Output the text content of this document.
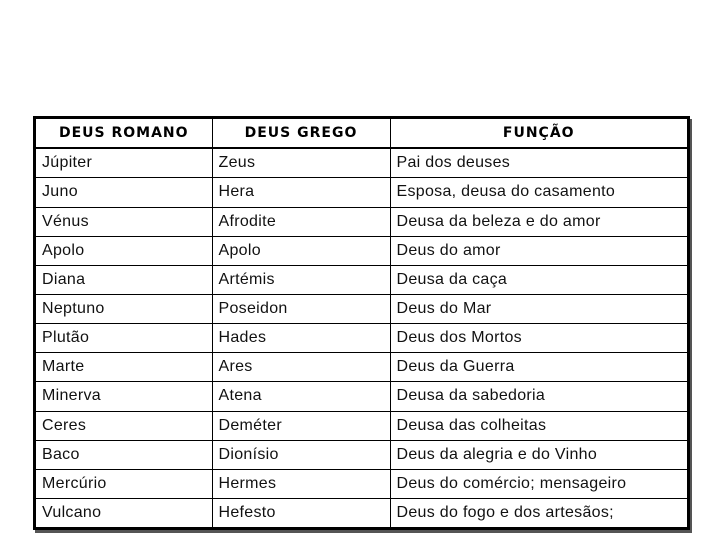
DEUS ROMANO	DEUS GREGO	FUNÇÃO
Júpiter	Zeus	Pai dos deuses
Juno	Hera	Esposa, deusa do casamento
Vénus	Afrodite	Deusa da beleza e do amor
Apolo	Apolo	Deus do amor
Diana	Artémis	Deusa da caça
Neptuno	Poseidon	Deus do Mar
Plutão	Hades	Deus dos Mortos
Marte	Ares	Deus da Guerra
Minerva	Atena	Deusa da sabedoria
Ceres	Deméter	Deusa das colheitas
Baco	Dionísio	Deus da alegria e do Vinho
Mercúrio	Hermes	Deus do comércio; mensageiro
Vulcano	Hefesto	Deus do fogo e dos artesãos;
